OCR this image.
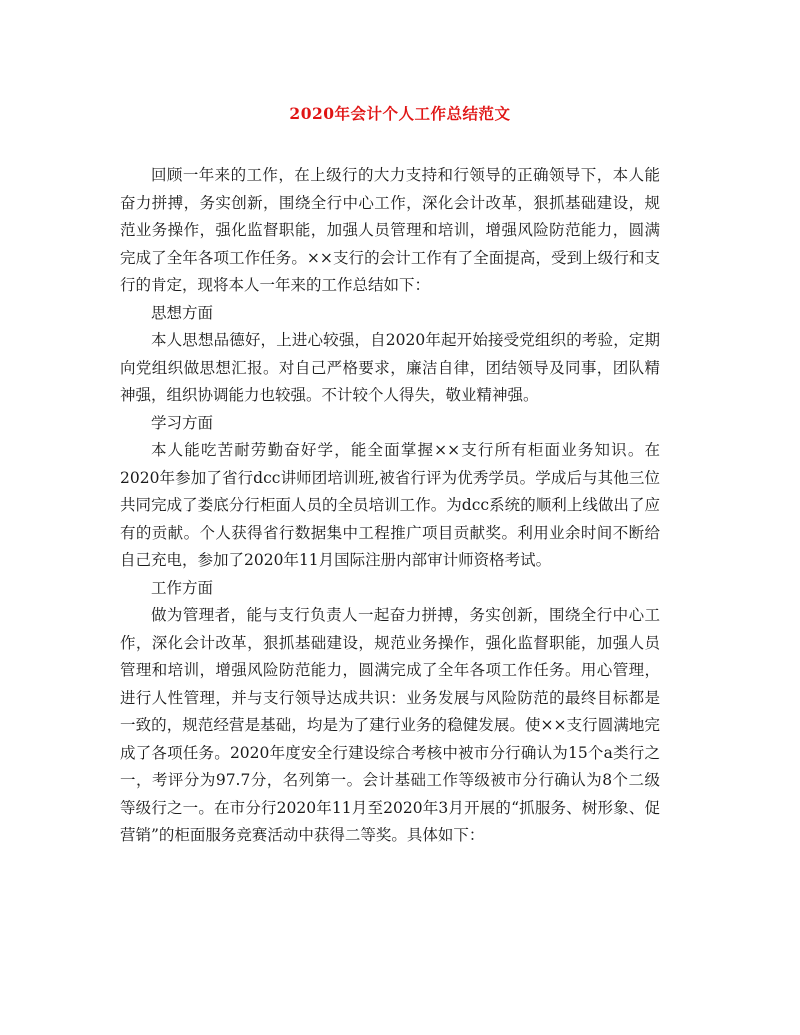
2020年会计个人工作总结范文

回顾一年来的工作，在上级行的大力支持和行领导的正确领导下，本人能奋力拼搏，务实创新，围绕全行中心工作，深化会计改革，狠抓基础建设，规范业务操作，强化监督职能，加强人员管理和培训，增强风险防范能力，圆满完成了全年各项工作任务。××支行的会计工作有了全面提高，受到上级行和支行的肯定，现将本人一年来的工作总结如下：

思想方面

本人思想品德好，上进心较强，自2020年起开始接受党组织的考验，定期向党组织做思想汇报。对自己严格要求，廉洁自律，团结领导及同事，团队精神强，组织协调能力也较强。不计较个人得失，敬业精神强。

学习方面

本人能吃苦耐劳勤奋好学，能全面掌握××支行所有柜面业务知识。在2020年参加了省行dcc讲师团培训班,被省行评为优秀学员。学成后与其他三位共同完成了娄底分行柜面人员的全员培训工作。为dcc系统的顺利上线做出了应有的贡献。个人获得省行数据集中工程推广项目贡献奖。利用业余时间不断给自己充电，参加了2020年11月国际注册内部审计师资格考试。

工作方面

做为管理者，能与支行负责人一起奋力拼搏，务实创新，围绕全行中心工作，深化会计改革，狠抓基础建设，规范业务操作，强化监督职能，加强人员管理和培训，增强风险防范能力，圆满完成了全年各项工作任务。用心管理，进行人性管理，并与支行领导达成共识：业务发展与风险防范的最终目标都是一致的，规范经营是基础，均是为了建行业务的稳健发展。使××支行圆满地完成了各项任务。2020年度安全行建设综合考核中被市分行确认为15个a类行之一，考评分为97.7分，名列第一。会计基础工作等级被市分行确认为8个二级等级行之一。在市分行2020年11月至2020年3月开展的“抓服务、树形象、促营销”的柜面服务竞赛活动中获得二等奖。具体如下：
